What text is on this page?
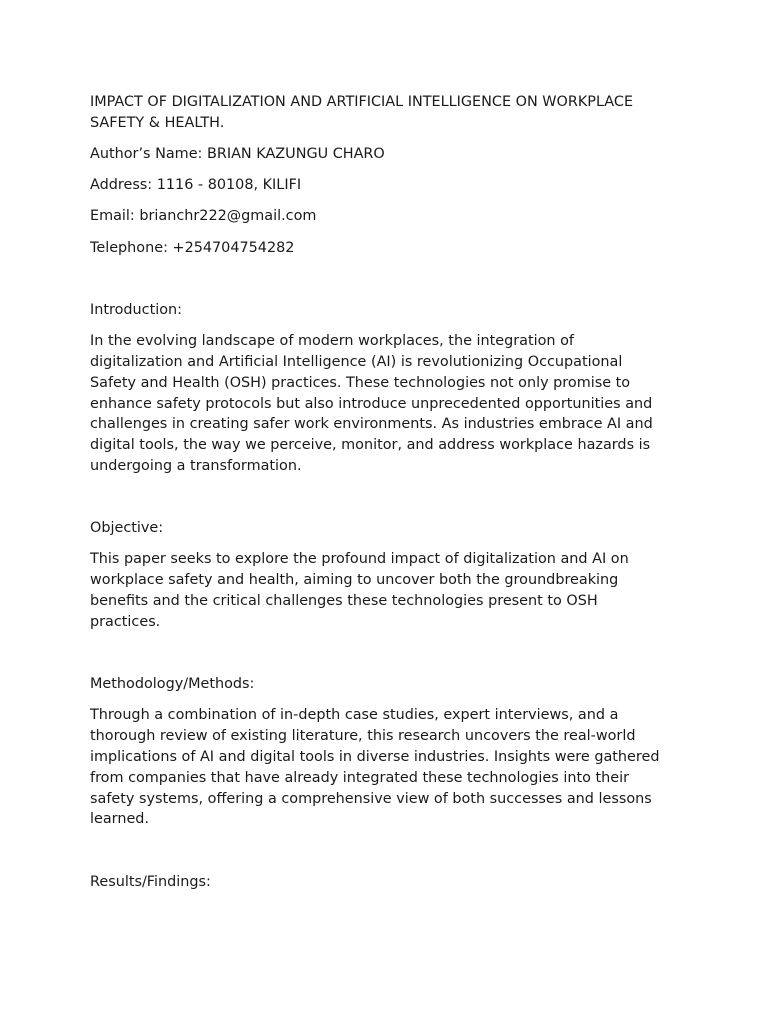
IMPACT OF DIGITALIZATION AND ARTIFICIAL INTELLIGENCE ON WORKPLACE SAFETY & HEALTH.

Author’s Name: BRIAN KAZUNGU CHARO

Address: 1116 - 80108, KILIFI

Email: brianchr222@gmail.com

Telephone: +254704754282

Introduction:

In the evolving landscape of modern workplaces, the integration of digitalization and Artificial Intelligence (AI) is revolutionizing Occupational Safety and Health (OSH) practices. These technologies not only promise to enhance safety protocols but also introduce unprecedented opportunities and challenges in creating safer work environments. As industries embrace AI and digital tools, the way we perceive, monitor, and address workplace hazards is undergoing a transformation.

Objective:

This paper seeks to explore the profound impact of digitalization and AI on workplace safety and health, aiming to uncover both the groundbreaking benefits and the critical challenges these technologies present to OSH practices.

Methodology/Methods:

Through a combination of in-depth case studies, expert interviews, and a thorough review of existing literature, this research uncovers the real-world implications of AI and digital tools in diverse industries. Insights were gathered from companies that have already integrated these technologies into their safety systems, offering a comprehensive view of both successes and lessons learned.

Results/Findings:
